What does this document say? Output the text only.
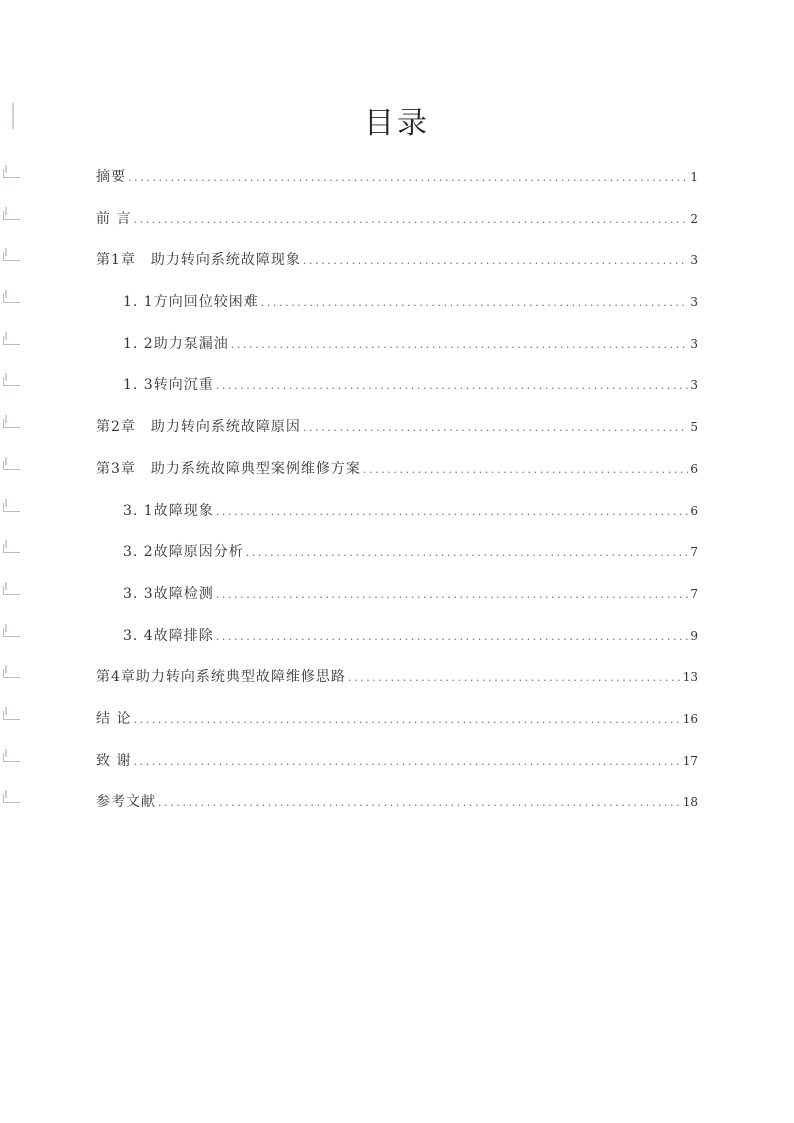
目录
摘要 .....	1
前 言 .....	2
第1章　助力转向系统故障现象 .....	3
1. 1方向回位较困难 .....	3
1. 2助力泵漏油 .....	3
1. 3转向沉重 .....	3
第2章　助力转向系统故障原因 .....	5
第3章　助力系统故障典型案例维修方案 .....	6
3. 1故障现象 .....	6
3. 2故障原因分析 .....	7
3. 3故障检测 .....	7
3. 4故障排除 .....	9
第4章助力转向系统典型故障维修思路 .....	13
结 论 .....	16
致 谢 .....	17
参考文献 .....	18
